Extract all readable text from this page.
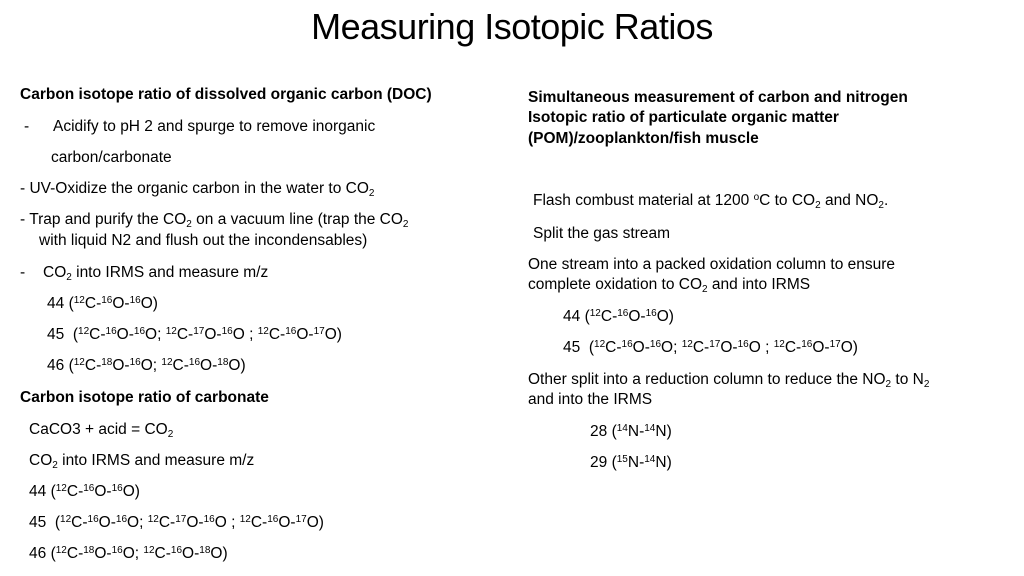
Measuring Isotopic Ratios
Carbon isotope ratio of dissolved organic carbon (DOC)
- Acidify to pH 2 and spurge to remove inorganic
carbon/carbonate
- UV-Oxidize the organic carbon in the water to $CO_2$
- Trap and purify the $CO_2$ on a vacuum line (trap the $CO_2$
with liquid N2 and flush out the incondensables)
- $CO_2$ into IRMS and measure m/z
44 ($^{12}$C-$^{16}$O-$^{16}$O)
45 ($^{12}$C-$^{16}$O-$^{16}$O; $^{12}$C-$^{17}$O-$^{16}$O ; $^{12}$C-$^{16}$O-$^{17}$O)
46 ($^{12}$C-$^{18}$O-$^{16}$O; $^{12}$C-$^{16}$O-$^{18}$O)
Carbon isotope ratio of carbonate
CaCO3 + acid = $CO_2$
$CO_2$ into IRMS and measure m/z
44 ($^{12}$C-$^{16}$O-$^{16}$O)
45 ($^{12}$C-$^{16}$O-$^{16}$O; $^{12}$C-$^{17}$O-$^{16}$O ; $^{12}$C-$^{16}$O-$^{17}$O)
46 ($^{12}$C-$^{18}$O-$^{16}$O; $^{12}$C-$^{16}$O-$^{18}$O)
Simultaneous measurement of carbon and nitrogen
Isotopic ratio of particulate organic matter
(POM)/zooplankton/fish muscle
Flash combust material at 1200 $^o$C to $CO_2$ and $NO_2$.
Split the gas stream
One stream into a packed oxidation column to ensure
complete oxidation to $CO_2$ and into IRMS
44 ($^{12}$C-$^{16}$O-$^{16}$O)
45 ($^{12}$C-$^{16}$O-$^{16}$O; $^{12}$C-$^{17}$O-$^{16}$O ; $^{12}$C-$^{16}$O-$^{17}$O)
Other split into a reduction column to reduce the $NO_2$ to $N_2$
and into the IRMS
28 ($^{14}$N-$^{14}$N)
29 ($^{15}$N-$^{14}$N)
